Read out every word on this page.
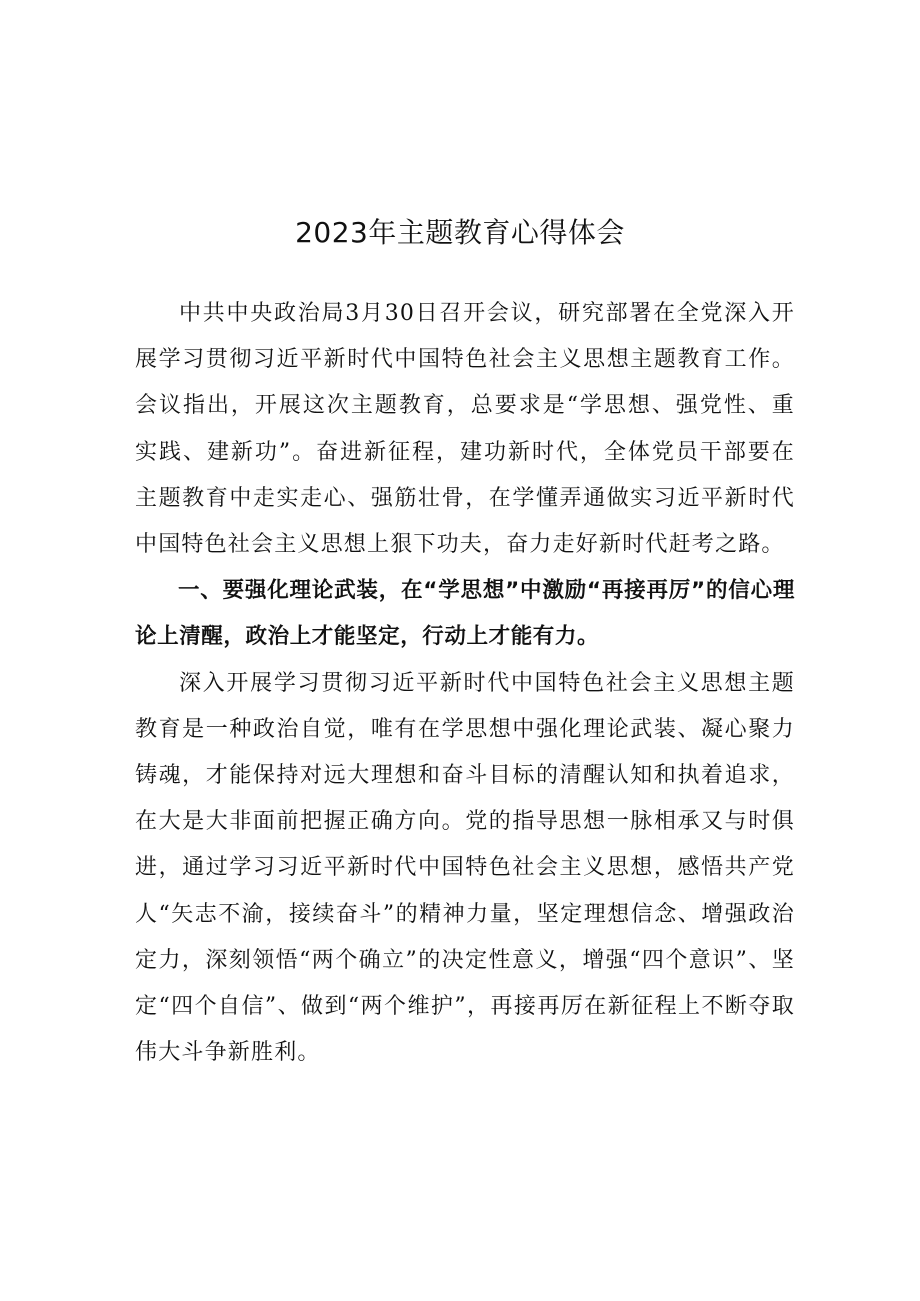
2023年主题教育心得体会

中共中央政治局3月30日召开会议，研究部署在全党深入开展学习贯彻习近平新时代中国特色社会主义思想主题教育工作。会议指出，开展这次主题教育，总要求是“学思想、强党性、重实践、建新功”。奋进新征程，建功新时代，全体党员干部要在主题教育中走实走心、强筋壮骨，在学懂弄通做实习近平新时代中国特色社会主义思想上狠下功夫，奋力走好新时代赶考之路。

一、要强化理论武装，在“学思想”中激励“再接再厉”的信心理论上清醒，政治上才能坚定，行动上才能有力。

深入开展学习贯彻习近平新时代中国特色社会主义思想主题教育是一种政治自觉，唯有在学思想中强化理论武装、凝心聚力铸魂，才能保持对远大理想和奋斗目标的清醒认知和执着追求，在大是大非面前把握正确方向。党的指导思想一脉相承又与时俱进，通过学习习近平新时代中国特色社会主义思想，感悟共产党人“矢志不渝，接续奋斗”的精神力量，坚定理想信念、增强政治定力，深刻领悟“两个确立”的决定性意义，增强“四个意识”、坚定“四个自信”、做到“两个维护”，再接再厉在新征程上不断夺取伟大斗争新胜利。
